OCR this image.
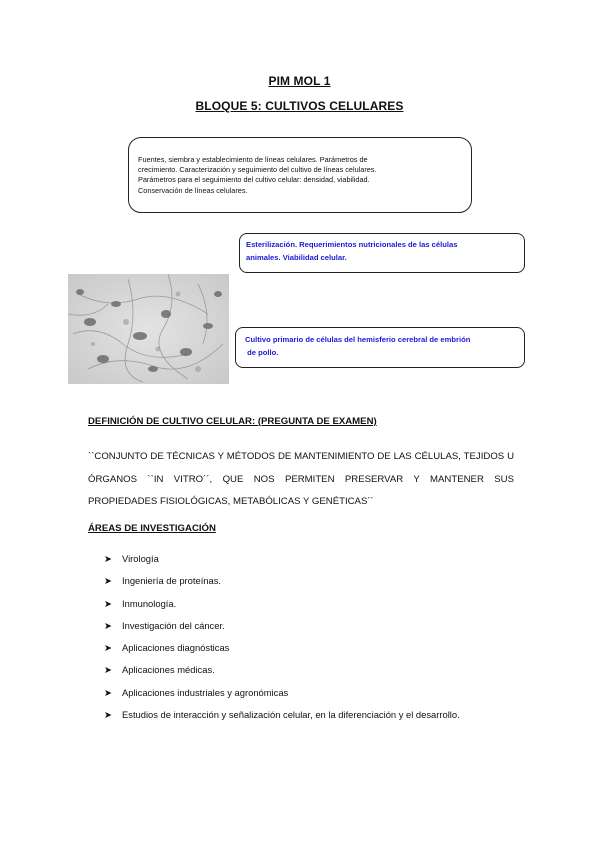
PIM MOL 1
BLOQUE 5: CULTIVOS CELULARES

Fuentes, siembra y establecimiento de líneas celulares. Parámetros de

crecimiento. Caracterización y seguimiento del cultivo de líneas celulares.

Parámetros para el seguimiento del cultivo celular: densidad, viabilidad.

Conservación de líneas celulares.

Esterilización. Requerimientos nutricionales de las células
animales. Viabilidad celular.
Cultivo primario de células del hemisferio cerebral de embrión
de pollo.
DEFINICIÓN DE CULTIVO CELULAR: (PREGUNTA DE EXAMEN)
``CONJUNTO DE TÉCNICAS Y MÉTODOS DE MANTENIMIENTO DE LAS CÉLULAS, TEJIDOS U ÓRGANOS ``IN VITRO´´, QUE NOS PERMITEN PRESERVAR Y MANTENER SUS PROPIEDADES FISIOLÓGICAS, METABÓLICAS Y GENÉTICAS´´
ÁREAS DE INVESTIGACIÓN
➤ Virología
➤ Ingeniería de proteínas.
➤ Inmunología.
➤ Investigación del cáncer.
➤ Aplicaciones diagnósticas
➤ Aplicaciones médicas.
➤ Aplicaciones industriales y agronómicas
➤ Estudios de interacción y señalización celular, en la diferenciación y el desarrollo.
